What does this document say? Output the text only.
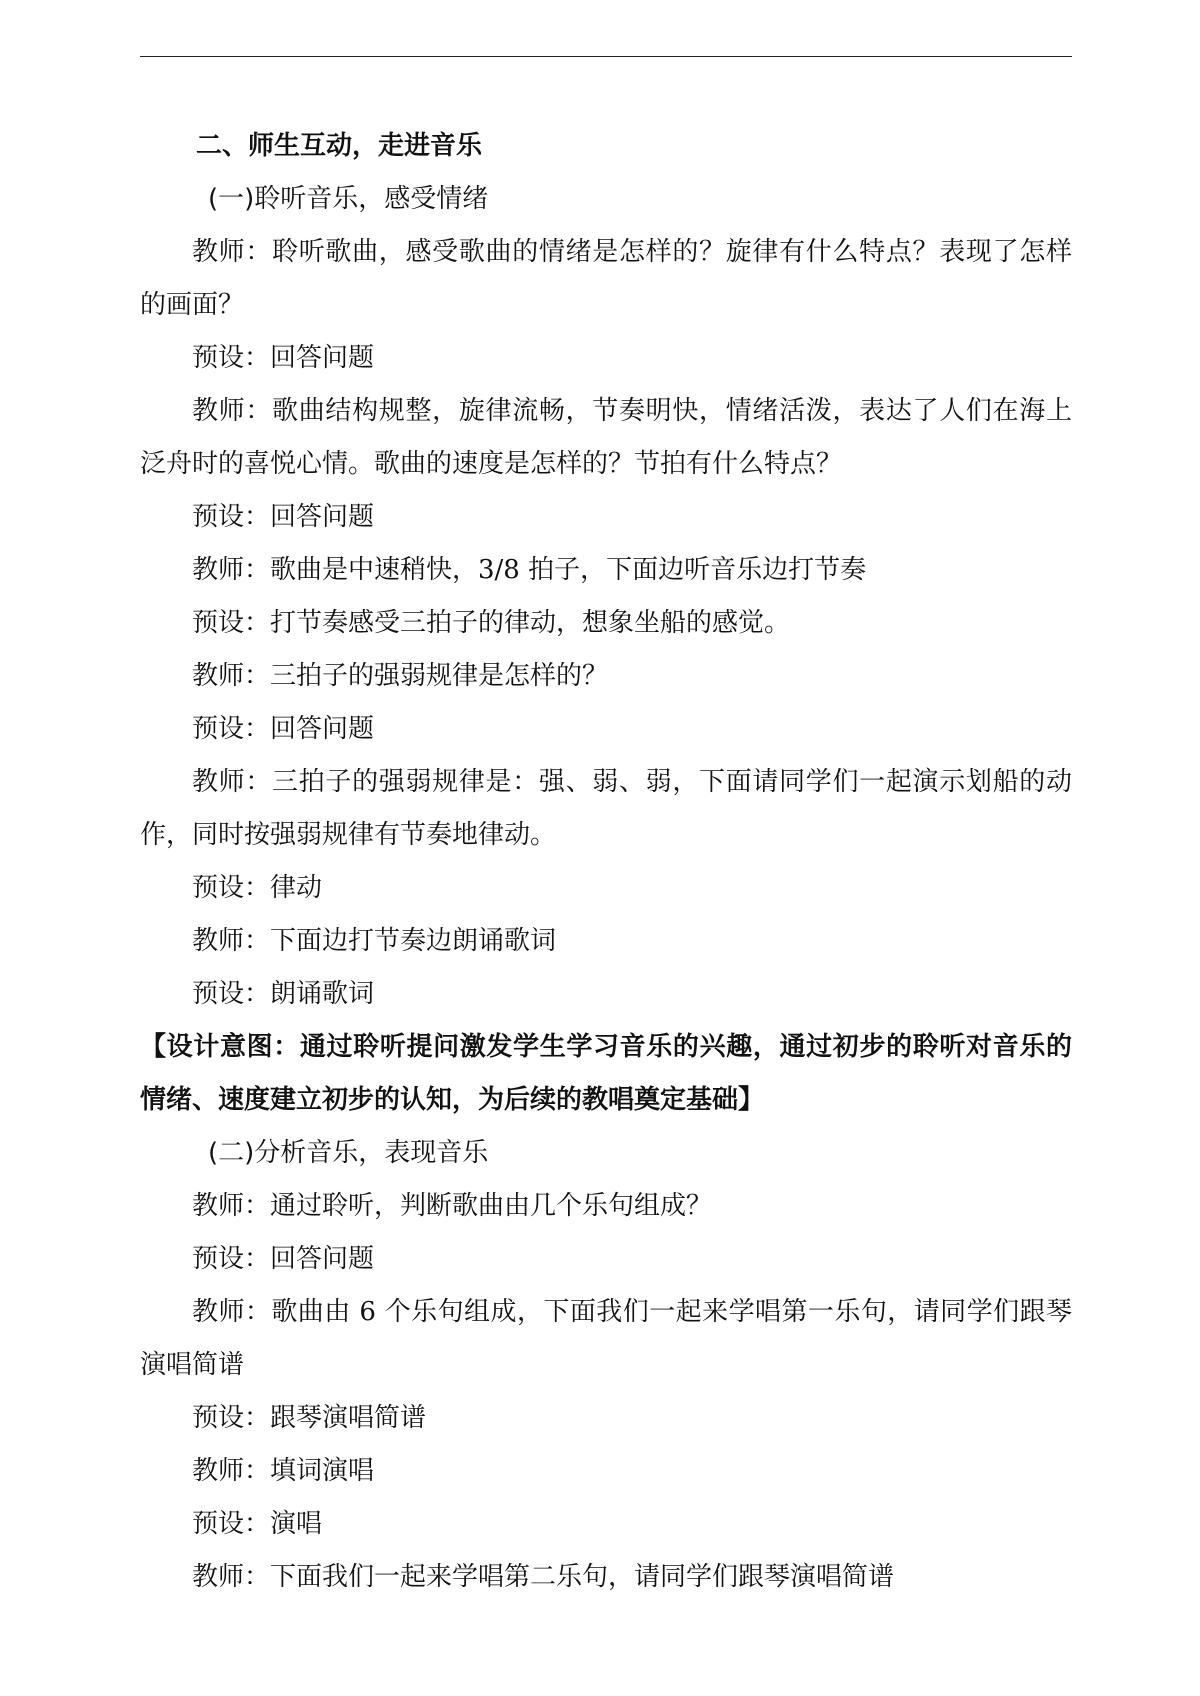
二、师生互动，走进音乐
(一)聆听音乐，感受情绪
教师：聆听歌曲，感受歌曲的情绪是怎样的？旋律有什么特点？表现了怎样的画面？
预设：回答问题
教师：歌曲结构规整，旋律流畅，节奏明快，情绪活泼，表达了人们在海上泛舟时的喜悦心情。歌曲的速度是怎样的？节拍有什么特点？
预设：回答问题
教师：歌曲是中速稍快，3/8 拍子，下面边听音乐边打节奏
预设：打节奏感受三拍子的律动，想象坐船的感觉。
教师：三拍子的强弱规律是怎样的？
预设：回答问题
教师：三拍子的强弱规律是：强、弱、弱，下面请同学们一起演示划船的动作，同时按强弱规律有节奏地律动。
预设：律动
教师：下面边打节奏边朗诵歌词
预设：朗诵歌词
【设计意图：通过聆听提问激发学生学习音乐的兴趣，通过初步的聆听对音乐的情绪、速度建立初步的认知，为后续的教唱奠定基础】
(二)分析音乐，表现音乐
教师：通过聆听，判断歌曲由几个乐句组成？
预设：回答问题
教师：歌曲由 6 个乐句组成，下面我们一起来学唱第一乐句，请同学们跟琴演唱简谱
预设：跟琴演唱简谱
教师：填词演唱
预设：演唱
教师：下面我们一起来学唱第二乐句，请同学们跟琴演唱简谱
